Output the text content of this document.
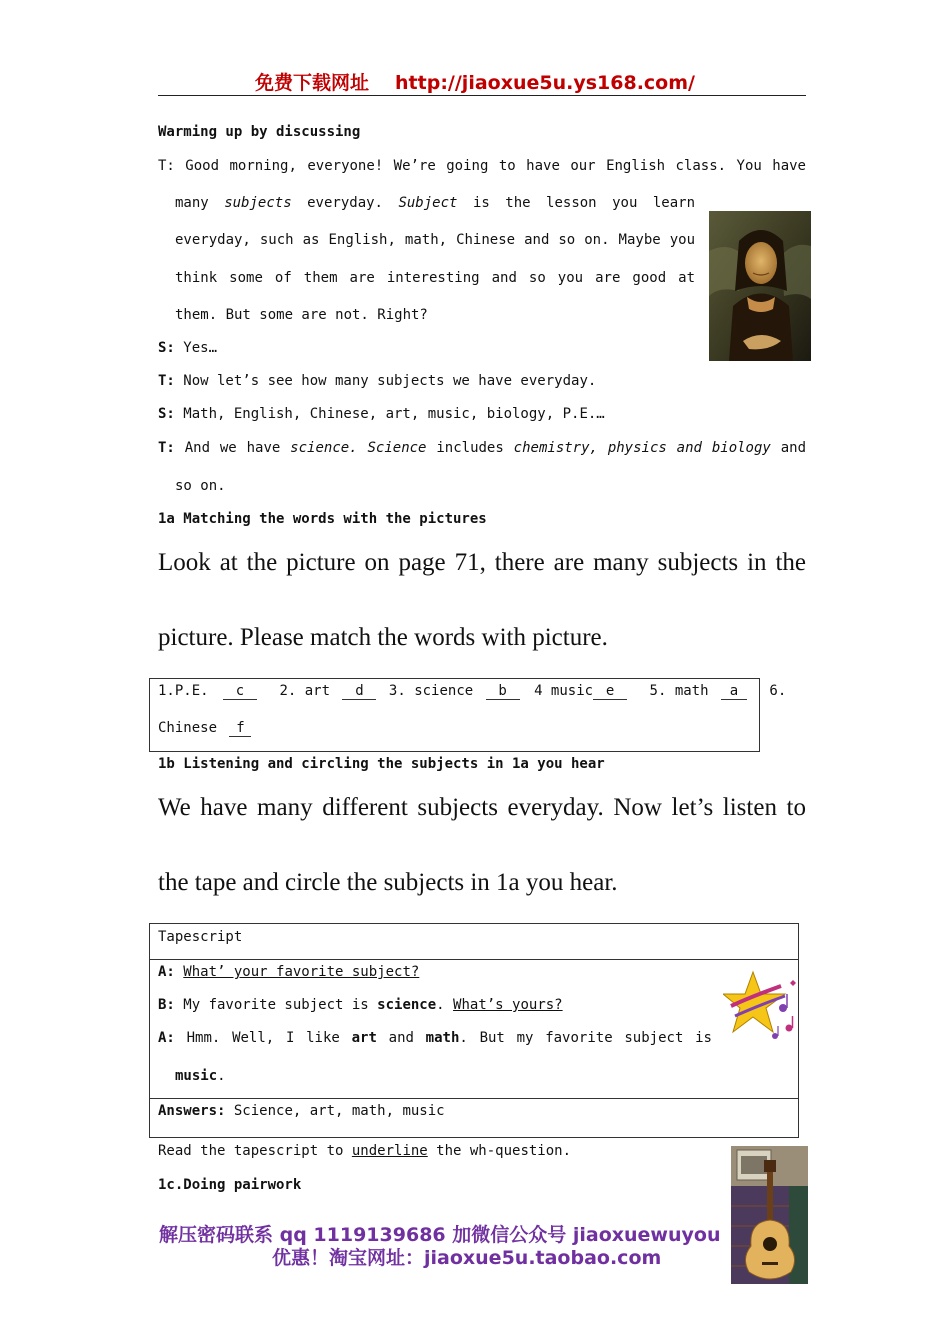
免费下载网址 http://jiaoxue5u.ys168.com/
Warming up by discussing
T: Good morning, everyone! We’re going to have our English class. You have
many subjects everyday. Subject is the lesson you learn
everyday, such as English, math, Chinese and so on. Maybe you
think some of them are interesting and so you are good at
them. But some are not. Right?
S: Yes…
T: Now let’s see how many subjects we have everyday.
S: Math, English, Chinese, art, music, biology, P.E.…
T: And we have science. Science includes chemistry, physics and biology and
so on.
1a Matching the words with the pictures
Look at the picture on page 71, there are many subjects in the
picture. Please match the words with picture.
1.P.E. c	2. art d 3. science b 4 music e	5. math a 6.
Chinese f
1b Listening and circling the subjects in 1a you hear
We have many different subjects everyday. Now let’s listen to
the tape and circle the subjects in 1a you hear.
Tapescript
A: What’ your favorite subject?
B: My favorite subject is science. What’s yours?
A: Hmm. Well, I like art and math. But my favorite subject is
music.
Answers: Science, art, math, music
Read the tapescript to underline the wh-question.
1c.Doing pairwork
解压密码联系 qq 1119139686 加微信公众号 jiaoxuewuyou
优惠！淘宝网址：jiaoxue5u.taobao.com
